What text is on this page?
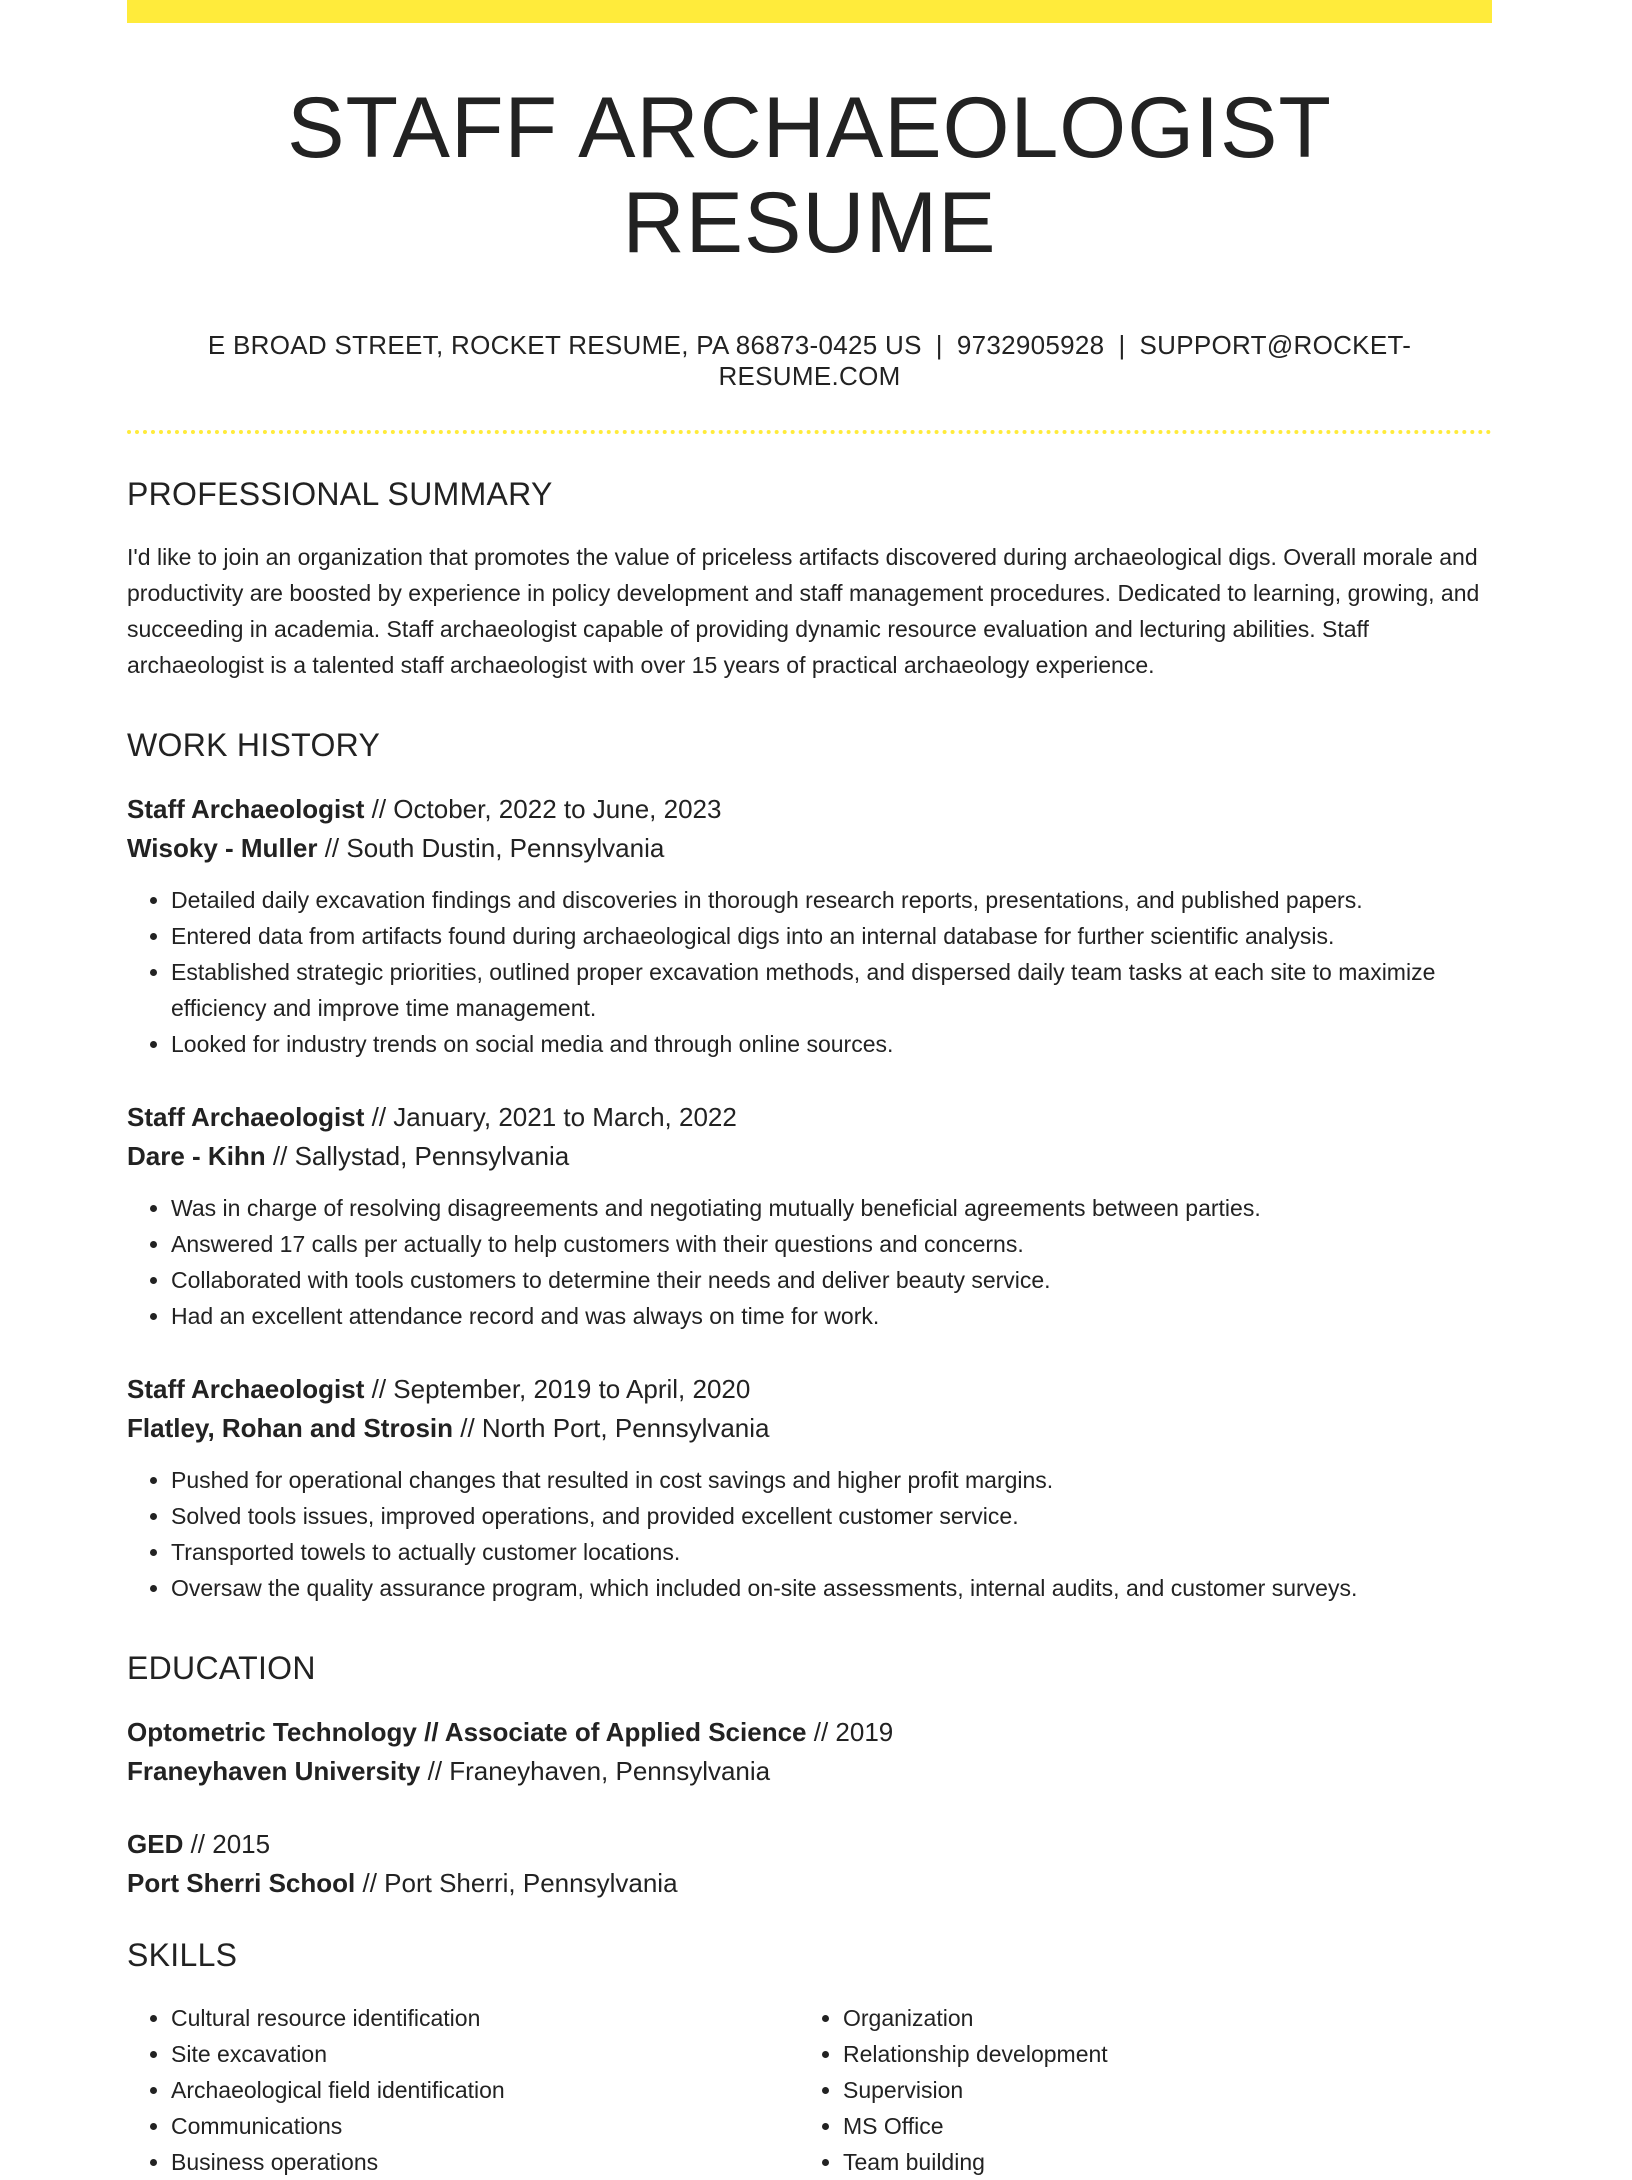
STAFF ARCHAEOLOGIST RESUME
E BROAD STREET, ROCKET RESUME, PA 86873-0425 US | 9732905928 | SUPPORT@ROCKET-RESUME.COM
PROFESSIONAL SUMMARY

I'd like to join an organization that promotes the value of priceless artifacts discovered during archaeological digs. Overall morale and productivity are boosted by experience in policy development and staff management procedures. Dedicated to learning, growing, and succeeding in academia. Staff archaeologist capable of providing dynamic resource evaluation and lecturing abilities. Staff archaeologist is a talented staff archaeologist with over 15 years of practical archaeology experience.

WORK HISTORY

Staff Archaeologist // October, 2022 to June, 2023

Wisoky - Muller // South Dustin, Pennsylvania

• Detailed daily excavation findings and discoveries in thorough research reports, presentations, and published papers.
• Entered data from artifacts found during archaeological digs into an internal database for further scientific analysis.
• Established strategic priorities, outlined proper excavation methods, and dispersed daily team tasks at each site to maximize efficiency and improve time management.
• Looked for industry trends on social media and through online sources.

Staff Archaeologist // January, 2021 to March, 2022

Dare - Kihn // Sallystad, Pennsylvania

• Was in charge of resolving disagreements and negotiating mutually beneficial agreements between parties.
• Answered 17 calls per actually to help customers with their questions and concerns.
• Collaborated with tools customers to determine their needs and deliver beauty service.
• Had an excellent attendance record and was always on time for work.

Staff Archaeologist // September, 2019 to April, 2020

Flatley, Rohan and Strosin // North Port, Pennsylvania

• Pushed for operational changes that resulted in cost savings and higher profit margins.
• Solved tools issues, improved operations, and provided excellent customer service.
• Transported towels to actually customer locations.
• Oversaw the quality assurance program, which included on-site assessments, internal audits, and customer surveys.
EDUCATION

Optometric Technology // Associate of Applied Science // 2019

Franeyhaven University // Franeyhaven, Pennsylvania

GED // 2015

Port Sherri School // Port Sherri, Pennsylvania

SKILLS
• Cultural resource identification
• Site excavation
• Archaeological field identification
• Communications
• Business operations
• Organization
• Relationship development
• Supervision
• MS Office
• Team building
